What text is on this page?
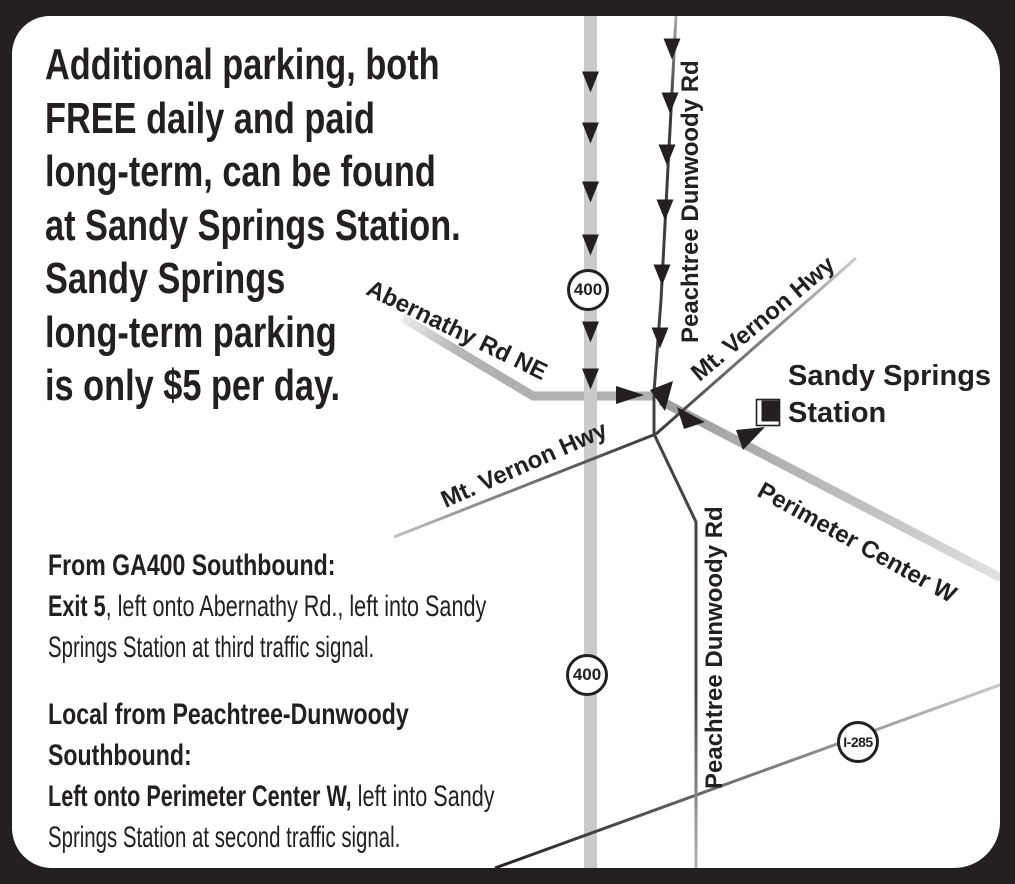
Additional parking, both
FREE daily and paid
long-term, can be found
at Sandy Springs Station.
Sandy Springs
long-term parking
is only $5 per day. Abernathy Rd NE	Peachtree Dunwoody Rd
Peachtree Dunwoody Rd
Mt. Vernon Hwy
Mt. Vernon Hwy
Perimeter Center W
400
400
I-285
Sandy Springs
Station
From GA400 Southbound:
Exit 5, left onto Abernathy Rd., left into Sandy
Springs Station at third traffic signal.
Local from Peachtree-Dunwoody
Southbound:
Left onto Perimeter Center W, left into Sandy
Springs Station at second traffic signal.
